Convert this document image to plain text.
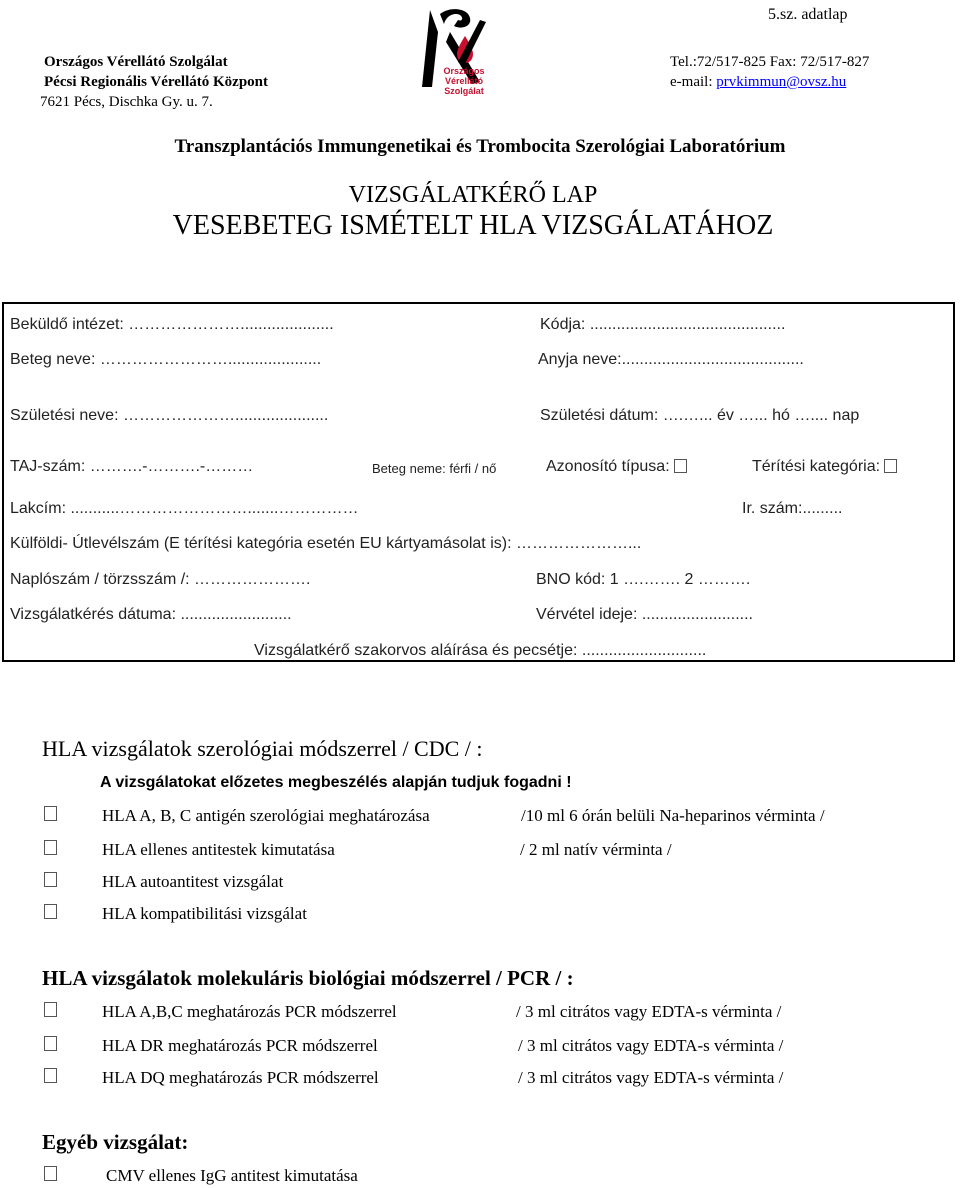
5.sz. adatlap
Országos Vérellátó Szolgálat
Pécsi Regionális Vérellátó Központ
7621 Pécs, Dischka Gy. u. 7.
Országos
Vérellátó
Szolgálat
Tel.:72/517-825 Fax: 72/517-827
e-mail: prvkimmun@ovsz.hu
Transzplantációs Immungenetikai és Trombocita Szerológiai Laboratórium
VIZSGÁLATKÉRŐ LAP
VESEBETEG ISMÉTELT HLA VIZSGÁLATÁHOZ
Beküldő intézet: ………………….....................	Kódja: ............................................
Beteg neve: …………………….....................	Anyja neve:.........................................
Születési neve: ………………….....................	Születési dátum: ….…... év …... hó ….... nap
TAJ-szám: ……….-……….-………	Beteg neme: férfi / nő	Azonosító típusa:	Térítési kategória:
Lakcím: ...........…………………….......……………	Ir. szám:.........
Külföldi- Útlevélszám (E térítési kategória esetén EU kártyamásolat is): …………………...
Naplószám / törzsszám /: ………………….	BNO kód: 1 ….……. 2 ……….
Vizsgálatkérés dátuma: .........................	Vérvétel ideje: .........................
Vizsgálatkérő szakorvos aláírása és pecsétje: ............................
HLA vizsgálatok szerológiai módszerrel / CDC / :
A vizsgálatokat előzetes megbeszélés alapján tudjuk fogadni !
HLA A, B, C antigén szerológiai meghatározása	/10 ml 6 órán belüli Na-heparinos vérminta /
HLA ellenes antitestek kimutatása	/ 2 ml natív vérminta /
HLA autoantitest vizsgálat
HLA kompatibilitási vizsgálat
HLA vizsgálatok molekuláris biológiai módszerrel / PCR / :
HLA A,B,C meghatározás PCR módszerrel	/ 3 ml citrátos vagy EDTA-s vérminta /
HLA DR meghatározás PCR módszerrel	/ 3 ml citrátos vagy EDTA-s vérminta /
HLA DQ meghatározás PCR módszerrel	/ 3 ml citrátos vagy EDTA-s vérminta /
Egyéb vizsgálat:
CMV ellenes IgG antitest kimutatása
